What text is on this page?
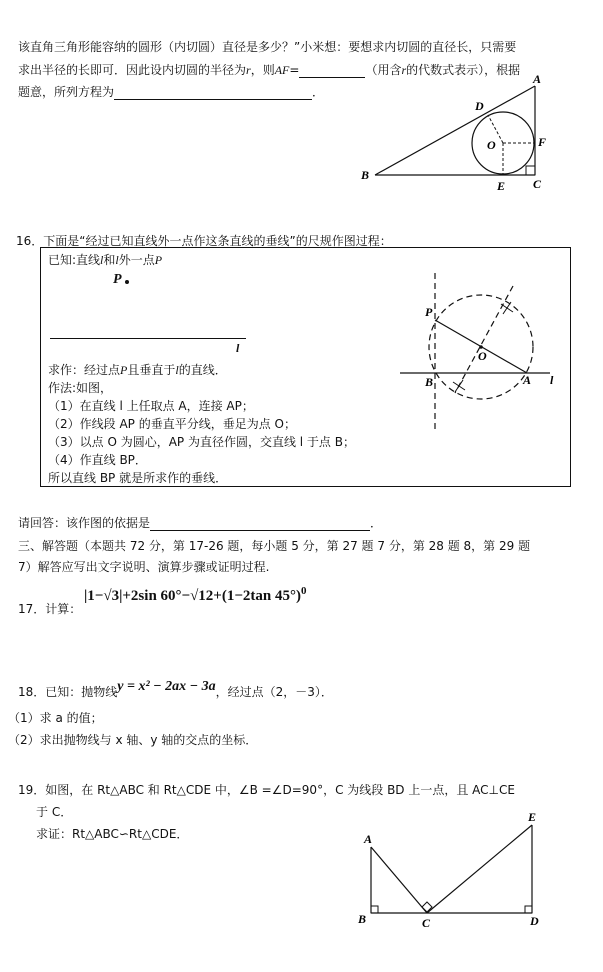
该直角三角形能容纳的圆形（内切圆）直径是多少？”小米想：要想求内切圆的直径长，只需要
求出半径的长即可．因此设内切圆的半径为r，则AF=	（用含r的代数式表示），根据
题意，所列方程为	．
A
B
C
D
E
F
O
16．下面是“经过已知直线外一点作这条直线的垂线”的尺规作图过程：
已知:直线l和l外一点P
P
l
求作：经过点P且垂直于l的直线．
作法:如图，
（1）在直线 l 上任取点 A，连接 AP；
（2）作线段 AP 的垂直平分线，垂足为点 O；
（3）以点 O 为圆心，AP 为直径作圆，交直线 l 于点 B；
（4）作直线 BP．
所以直线 BP 就是所求作的垂线．
P
O
B	A l
请回答：该作图的依据是	．
三、解答题（本题共 72 分，第 17-26 题，每小题 5 分，第 27 题 7 分，第 28 题 8，第 29 题
7）解答应写出文字说明、演算步骤或证明过程.
17．计算：
|1−√3|+2sin 60°−√12+(1−2tan 45°)$^0$
18．已知：抛物线y = x² − 2ax − 3a，经过点（2，－3）．
（1）求 a 的值；
（2）求出抛物线与 x 轴、y 轴的交点的坐标．
19．如图，在 Rt△ABC 和 Rt△CDE 中，∠B =∠D=90°，C 为线段 BD 上一点，且 AC⊥CE
于 C．
求证：Rt△ABC∽Rt△CDE．	A
B	C	D
E
